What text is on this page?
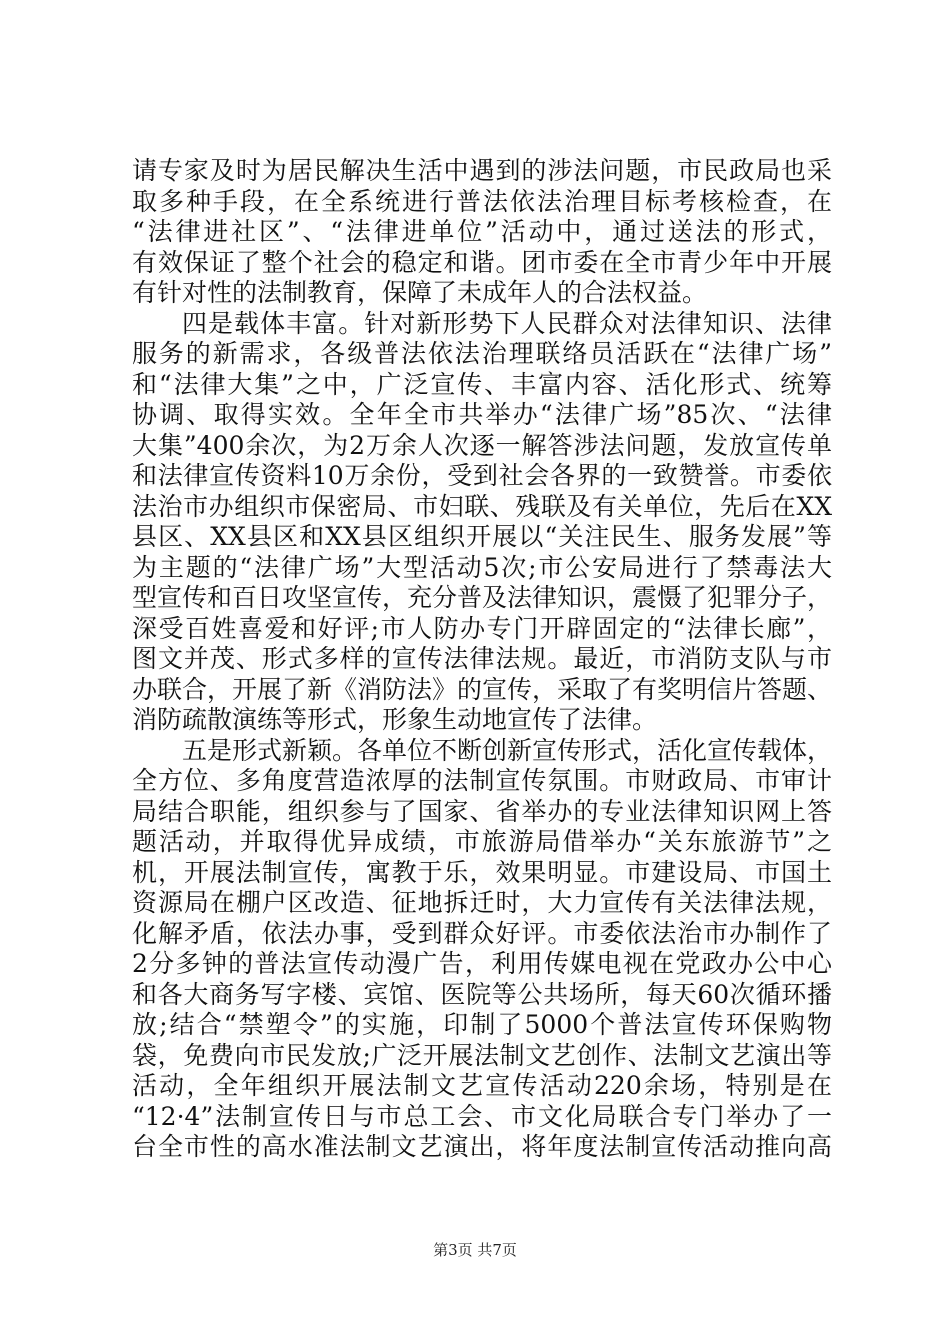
请专家及时为居民解决生活中遇到的涉法问题，市民政局也采
取多种手段，在全系统进行普法依法治理目标考核检查，在
“法律进社区”、“法律进单位”活动中，通过送法的形式，
有效保证了整个社会的稳定和谐。团市委在全市青少年中开展
有针对性的法制教育，保障了未成年人的合法权益。
四是载体丰富。针对新形势下人民群众对法律知识、法律
服务的新需求，各级普法依法治理联络员活跃在“法律广场”
和“法律大集”之中，广泛宣传、丰富内容、活化形式、统筹
协调、取得实效。全年全市共举办“法律广场”85次、“法律
大集”400余次，为2万余人次逐一解答涉法问题，发放宣传单
和法律宣传资料10万余份，受到社会各界的一致赞誉。市委依
法治市办组织市保密局、市妇联、残联及有关单位，先后在XX
县区、XX县区和XX县区组织开展以“关注民生、服务发展”等
为主题的“法律广场”大型活动5次;市公安局进行了禁毒法大
型宣传和百日攻坚宣传，充分普及法律知识，震慑了犯罪分子，
深受百姓喜爱和好评;市人防办专门开辟固定的“法律长廊”，
图文并茂、形式多样的宣传法律法规。最近，市消防支队与市
办联合，开展了新《消防法》的宣传，采取了有奖明信片答题、
消防疏散演练等形式，形象生动地宣传了法律。
五是形式新颖。各单位不断创新宣传形式，活化宣传载体，
全方位、多角度营造浓厚的法制宣传氛围。市财政局、市审计
局结合职能，组织参与了国家、省举办的专业法律知识网上答
题活动，并取得优异成绩，市旅游局借举办“关东旅游节”之
机，开展法制宣传，寓教于乐，效果明显。市建设局、市国土
资源局在棚户区改造、征地拆迁时，大力宣传有关法律法规，
化解矛盾，依法办事，受到群众好评。市委依法治市办制作了
2分多钟的普法宣传动漫广告，利用传媒电视在党政办公中心
和各大商务写字楼、宾馆、医院等公共场所，每天60次循环播
放;结合“禁塑令”的实施，印制了5000个普法宣传环保购物
袋，免费向市民发放;广泛开展法制文艺创作、法制文艺演出等
活动，全年组织开展法制文艺宣传活动220余场，特别是在
“12·4”法制宣传日与市总工会、市文化局联合专门举办了一
台全市性的高水准法制文艺演出，将年度法制宣传活动推向高
第3页 共7页
